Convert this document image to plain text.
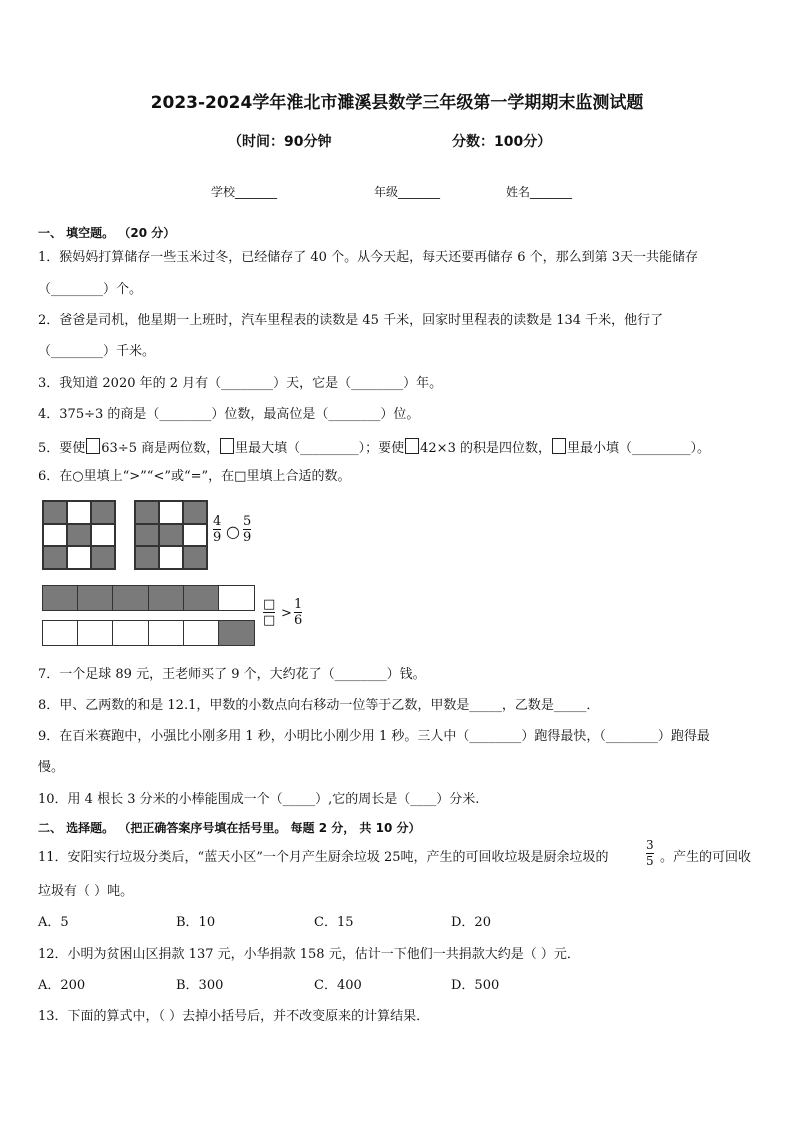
2023-2024学年淮北市濉溪县数学三年级第一学期期末监测试题
（时间：90分钟	分数：100分）
学校_______	年级_______	姓名_______
一、 填空题。 （20 分）
1．猴妈妈打算储存一些玉米过冬，已经储存了 40 个。从今天起，每天还要再储存 6 个，那么到第 3天一共能储存
（________）个。
2．爸爸是司机，他星期一上班时，汽车里程表的读数是 45 千米，回家时里程表的读数是 134 千米，他行了
（________）千米。
3．我知道 2020 年的 2 月有（________）天，它是（________）年。
4．375÷3 的商是（________）位数，最高位是（________）位。
5．要使 63÷5 商是两位数， 里最大填（_________）；要使 42×3 的积是四位数， 里最小填（_________）。
6．在○里填上“>”“<”或“=”，在□里填上合适的数。
$\frac{4}{9}$ ○ $\frac{5}{9}$
□
□ > $\frac{1}{6}$
7．一个足球 89 元，王老师买了 9 个，大约花了（________）钱。
8．甲、乙两数的和是 12.1，甲数的小数点向右移动一位等于乙数，甲数是_____，乙数是_____．
9．在百米赛跑中，小强比小刚多用 1 秒，小明比小刚少用 1 秒。三人中（________）跑得最快，（________）跑得最
慢。
10．用 4 根长 3 分米的小棒能围成一个（_____）,它的周长是（____）分米.
二、 选择题。 （把正确答案序号填在括号里。 每题 2 分， 共 10 分）
11．安阳实行垃圾分类后，“蓝天小区”一个月产生厨余垃圾 25吨，产生的可回收垃圾是厨余垃圾的	$\frac{3}{5}$ 。产生的可回收
垃圾有（ ）吨。
A．5	B．10	C．15	D．20
12．小明为贫困山区捐款 137 元，小华捐款 158 元，估计一下他们一共捐款大约是（ ）元．
A．200	B．300	C．400	D．500
13．下面的算式中，（ ）去掉小括号后，并不改变原来的计算结果．
